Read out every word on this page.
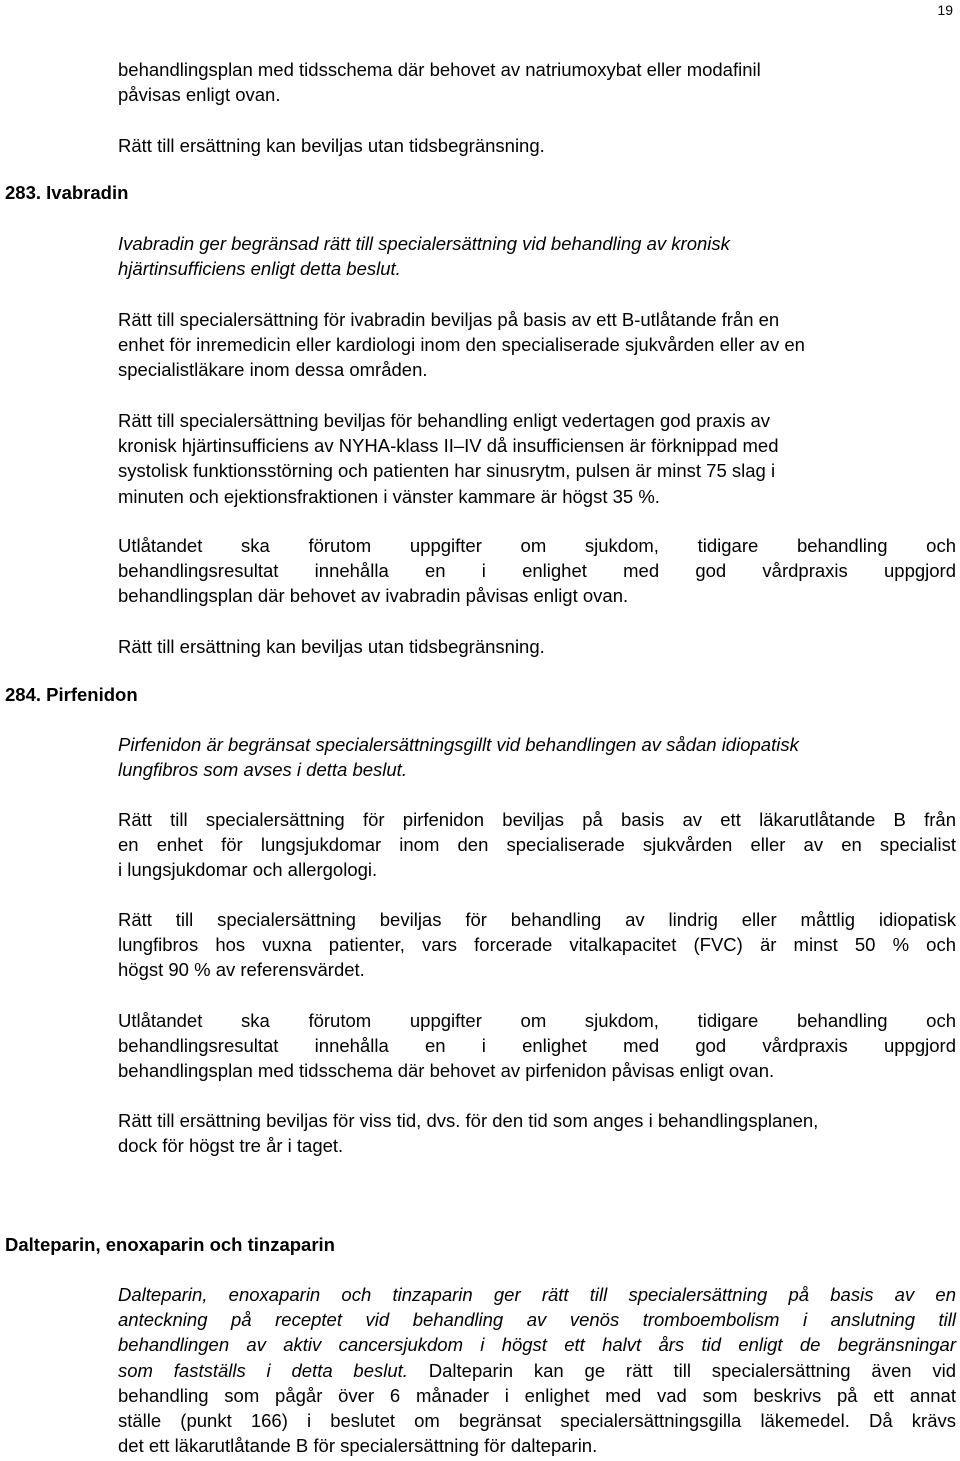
19
behandlingsplan med tidsschema där behovet av natriumoxybat eller modafinil
påvisas enligt ovan.
Rätt till ersättning kan beviljas utan tidsbegränsning.
283. Ivabradin
Ivabradin ger begränsad rätt till specialersättning vid behandling av kronisk
hjärtinsufficiens enligt detta beslut.
Rätt till specialersättning för ivabradin beviljas på basis av ett B-utlåtande från en
enhet för inremedicin eller kardiologi inom den specialiserade sjukvården eller av en
specialistläkare inom dessa områden.
Rätt till specialersättning beviljas för behandling enligt vedertagen god praxis av
kronisk hjärtinsufficiens av NYHA-klass II–IV då insufficiensen är förknippad med
systolisk funktionsstörning och patienten har sinusrytm, pulsen är minst 75 slag i
minuten och ejektionsfraktionen i vänster kammare är högst 35 %.
Utlåtandet ska förutom uppgifter om sjukdom, tidigare behandling och
behandlingsresultat innehålla en i enlighet med god vårdpraxis uppgjord
behandlingsplan där behovet av ivabradin påvisas enligt ovan.
Rätt till ersättning kan beviljas utan tidsbegränsning.
284. Pirfenidon
Pirfenidon är begränsat specialersättningsgillt vid behandlingen av sådan idiopatisk
lungfibros som avses i detta beslut.
Rätt till specialersättning för pirfenidon beviljas på basis av ett läkarutlåtande B från
en enhet för lungsjukdomar inom den specialiserade sjukvården eller av en specialist
i lungsjukdomar och allergologi.
Rätt till specialersättning beviljas för behandling av lindrig eller måttlig idiopatisk
lungfibros hos vuxna patienter, vars forcerade vitalkapacitet (FVC) är minst 50 % och
högst 90 % av referensvärdet.
Utlåtandet ska förutom uppgifter om sjukdom, tidigare behandling och
behandlingsresultat innehålla en i enlighet med god vårdpraxis uppgjord
behandlingsplan med tidsschema där behovet av pirfenidon påvisas enligt ovan.
Rätt till ersättning beviljas för viss tid, dvs. för den tid som anges i behandlingsplanen,
dock för högst tre år i taget.
Dalteparin, enoxaparin och tinzaparin
Dalteparin, enoxaparin och tinzaparin ger rätt till specialersättning på basis av en
anteckning på receptet vid behandling av venös tromboembolism i anslutning till
behandlingen av aktiv cancersjukdom i högst ett halvt års tid enligt de begränsningar
som fastställs i detta beslut. Dalteparin kan ge rätt till specialersättning även vid
behandling som pågår över 6 månader i enlighet med vad som beskrivs på ett annat
ställe (punkt 166) i beslutet om begränsat specialersättningsgilla läkemedel. Då krävs
det ett läkarutlåtande B för specialersättning för dalteparin.
